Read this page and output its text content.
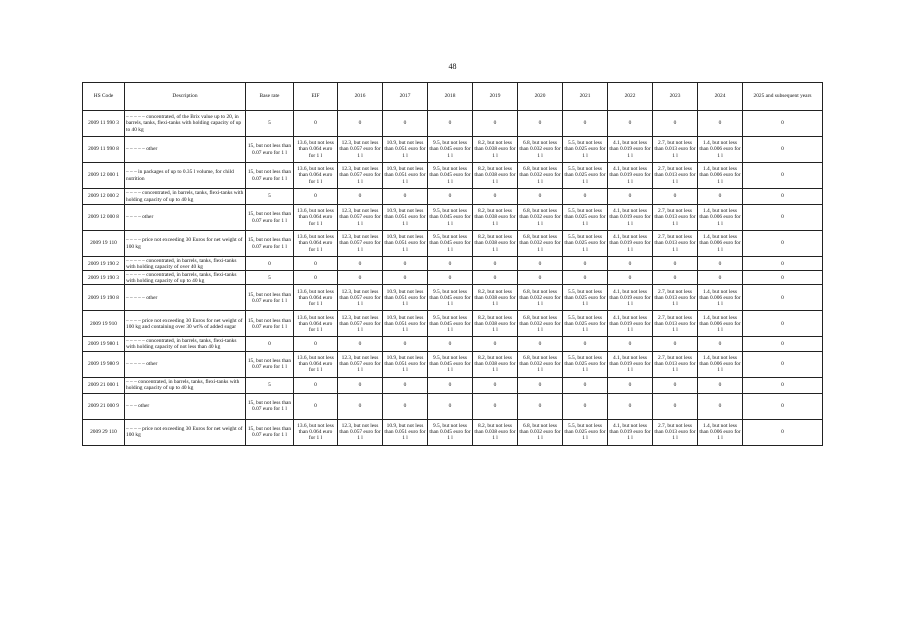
48
HS Code	Description	Base rate	EIF	2016	2017	2018	2019	2020	2021	2022	2023	2024	2025 and subsequent years
2009 11 990 3	– – – – – concentrated, of the Brix value up to 20, in barrels, tanks, flexi-tanks with holding capacity of up to 40 kg	5	0	0	0	0	0	0	0	0	0	0	0
2009 11 990 8	– – – – – other	15, but not less than 0.07 euro for 1 l	13.6, but not less than 0.064 euro for 1 l	12.3, but not less than 0.057 euro for 1 l	10.9, but not less than 0.051 euro for 1 l	9.5, but not less than 0.045 euro for 1 l	8.2, but not less than 0.038 euro for 1 l	6.8, but not less than 0.032 euro for 1 l	5.5, but not less than 0.025 euro for 1 l	4.1, but not less than 0.019 euro for 1 l	2.7, but not less than 0.013 euro for 1 l	1.4, but not less than 0.006 euro for 1 l	0
2009 12 000 1	– – – in packages of up to 0.35 l volume, for child nutrition	15, but not less than 0.07 euro for 1 l	13.6, but not less than 0.064 euro for 1 l	12.3, but not less than 0.057 euro for 1 l	10.9, but not less than 0.051 euro for 1 l	9.5, but not less than 0.045 euro for 1 l	8.2, but not less than 0.038 euro for 1 l	6.8, but not less than 0.032 euro for 1 l	5.5, but not less than 0.025 euro for 1 l	4.1, but not less than 0.019 euro for 1 l	2.7, but not less than 0.013 euro for 1 l	1.4, but not less than 0.006 euro for 1 l	0
2009 12 000 2	– – – – concentrated, in barrels, tanks, flexi-tanks with holding capacity of up to 40 kg	5	0	0	0	0	0	0	0	0	0	0	0
2009 12 000 8	– – – – other	15, but not less than 0.07 euro for 1 l	13.6, but not less than 0.064 euro for 1 l	12.3, but not less than 0.057 euro for 1 l	10.9, but not less than 0.051 euro for 1 l	9.5, but not less than 0.045 euro for 1 l	8.2, but not less than 0.038 euro for 1 l	6.8, but not less than 0.032 euro for 1 l	5.5, but not less than 0.025 euro for 1 l	4.1, but not less than 0.019 euro for 1 l	2.7, but not less than 0.013 euro for 1 l	1.4, but not less than 0.006 euro for 1 l	0
2009 19 110	– – – – price not exceeding 30 Euros for net weight of 100 kg	15, but not less than 0.07 euro for 1 l	13.6, but not less than 0.064 euro for 1 l	12.3, but not less than 0.057 euro for 1 l	10.9, but not less than 0.051 euro for 1 l	9.5, but not less than 0.045 euro for 1 l	8.2, but not less than 0.038 euro for 1 l	6.8, but not less than 0.032 euro for 1 l	5.5, but not less than 0.025 euro for 1 l	4.1, but not less than 0.019 euro for 1 l	2.7, but not less than 0.013 euro for 1 l	1.4, but not less than 0.006 euro for 1 l	0
2009 19 190 2	– – – – – concentrated, in barrels, tanks, flexi-tanks with holding capacity of over 40 kg	0	0	0	0	0	0	0	0	0	0	0	0
2009 19 190 3	– – – – – concentrated, in barrels, tanks, flexi-tanks with holding capacity of up to 40 kg	5	0	0	0	0	0	0	0	0	0	0	0
2009 19 190 8	– – – – – other	15, but not less than 0.07 euro for 1 l	13.6, but not less than 0.064 euro for 1 l	12.3, but not less than 0.057 euro for 1 l	10.9, but not less than 0.051 euro for 1 l	9.5, but not less than 0.045 euro for 1 l	8.2, but not less than 0.038 euro for 1 l	6.8, but not less than 0.032 euro for 1 l	5.5, but not less than 0.025 euro for 1 l	4.1, but not less than 0.019 euro for 1 l	2.7, but not less than 0.013 euro for 1 l	1.4, but not less than 0.006 euro for 1 l	0
2009 19 910	– – – – price not exceeding 30 Euros for net weight of 100 kg and containing over 30 wt% of added sugar	15, but not less than 0.07 euro for 1 l	13.6, but not less than 0.064 euro for 1 l	12.3, but not less than 0.057 euro for 1 l	10.9, but not less than 0.051 euro for 1 l	9.5, but not less than 0.045 euro for 1 l	8.2, but not less than 0.038 euro for 1 l	6.8, but not less than 0.032 euro for 1 l	5.5, but not less than 0.025 euro for 1 l	4.1, but not less than 0.019 euro for 1 l	2.7, but not less than 0.013 euro for 1 l	1.4, but not less than 0.006 euro for 1 l	0
2009 19 980 1	– – – – – concentrated, in barrels, tanks, flexi-tanks with holding capacity of not less than 40 kg	0	0	0	0	0	0	0	0	0	0	0	0
2009 19 980 9	– – – – – other	15, but not less than 0.07 euro for 1 l	13.6, but not less than 0.064 euro for 1 l	12.3, but not less than 0.057 euro for 1 l	10.9, but not less than 0.051 euro for 1 l	9.5, but not less than 0.045 euro for 1 l	8.2, but not less than 0.038 euro for 1 l	6.8, but not less than 0.032 euro for 1 l	5.5, but not less than 0.025 euro for 1 l	4.1, but not less than 0.019 euro for 1 l	2.7, but not less than 0.013 euro for 1 l	1.4, but not less than 0.006 euro for 1 l	0
2009 21 000 1	– – – concentrated, in barrels, tanks, flexi-tanks with holding capacity of up to 40 kg	5	0	0	0	0	0	0	0	0	0	0	0
2009 21 000 9	– – – other	15, but not less than 0.07 euro for 1 l	0	0	0	0	0	0	0	0	0	0	0
2009 29 110	– – – – price not exceeding 30 Euros for net weight of 100 kg	15, but not less than 0.07 euro for 1 l	13.6, but not less than 0.064 euro for 1 l	12.3, but not less than 0.057 euro for 1 l	10.9, but not less than 0.051 euro for 1 l	9.5, but not less than 0.045 euro for 1 l	8.2, but not less than 0.038 euro for 1 l	6.8, but not less than 0.032 euro for 1 l	5.5, but not less than 0.025 euro for 1 l	4.1, but not less than 0.019 euro for 1 l	2.7, but not less than 0.013 euro for 1 l	1.4, but not less than 0.006 euro for 1 l	0
